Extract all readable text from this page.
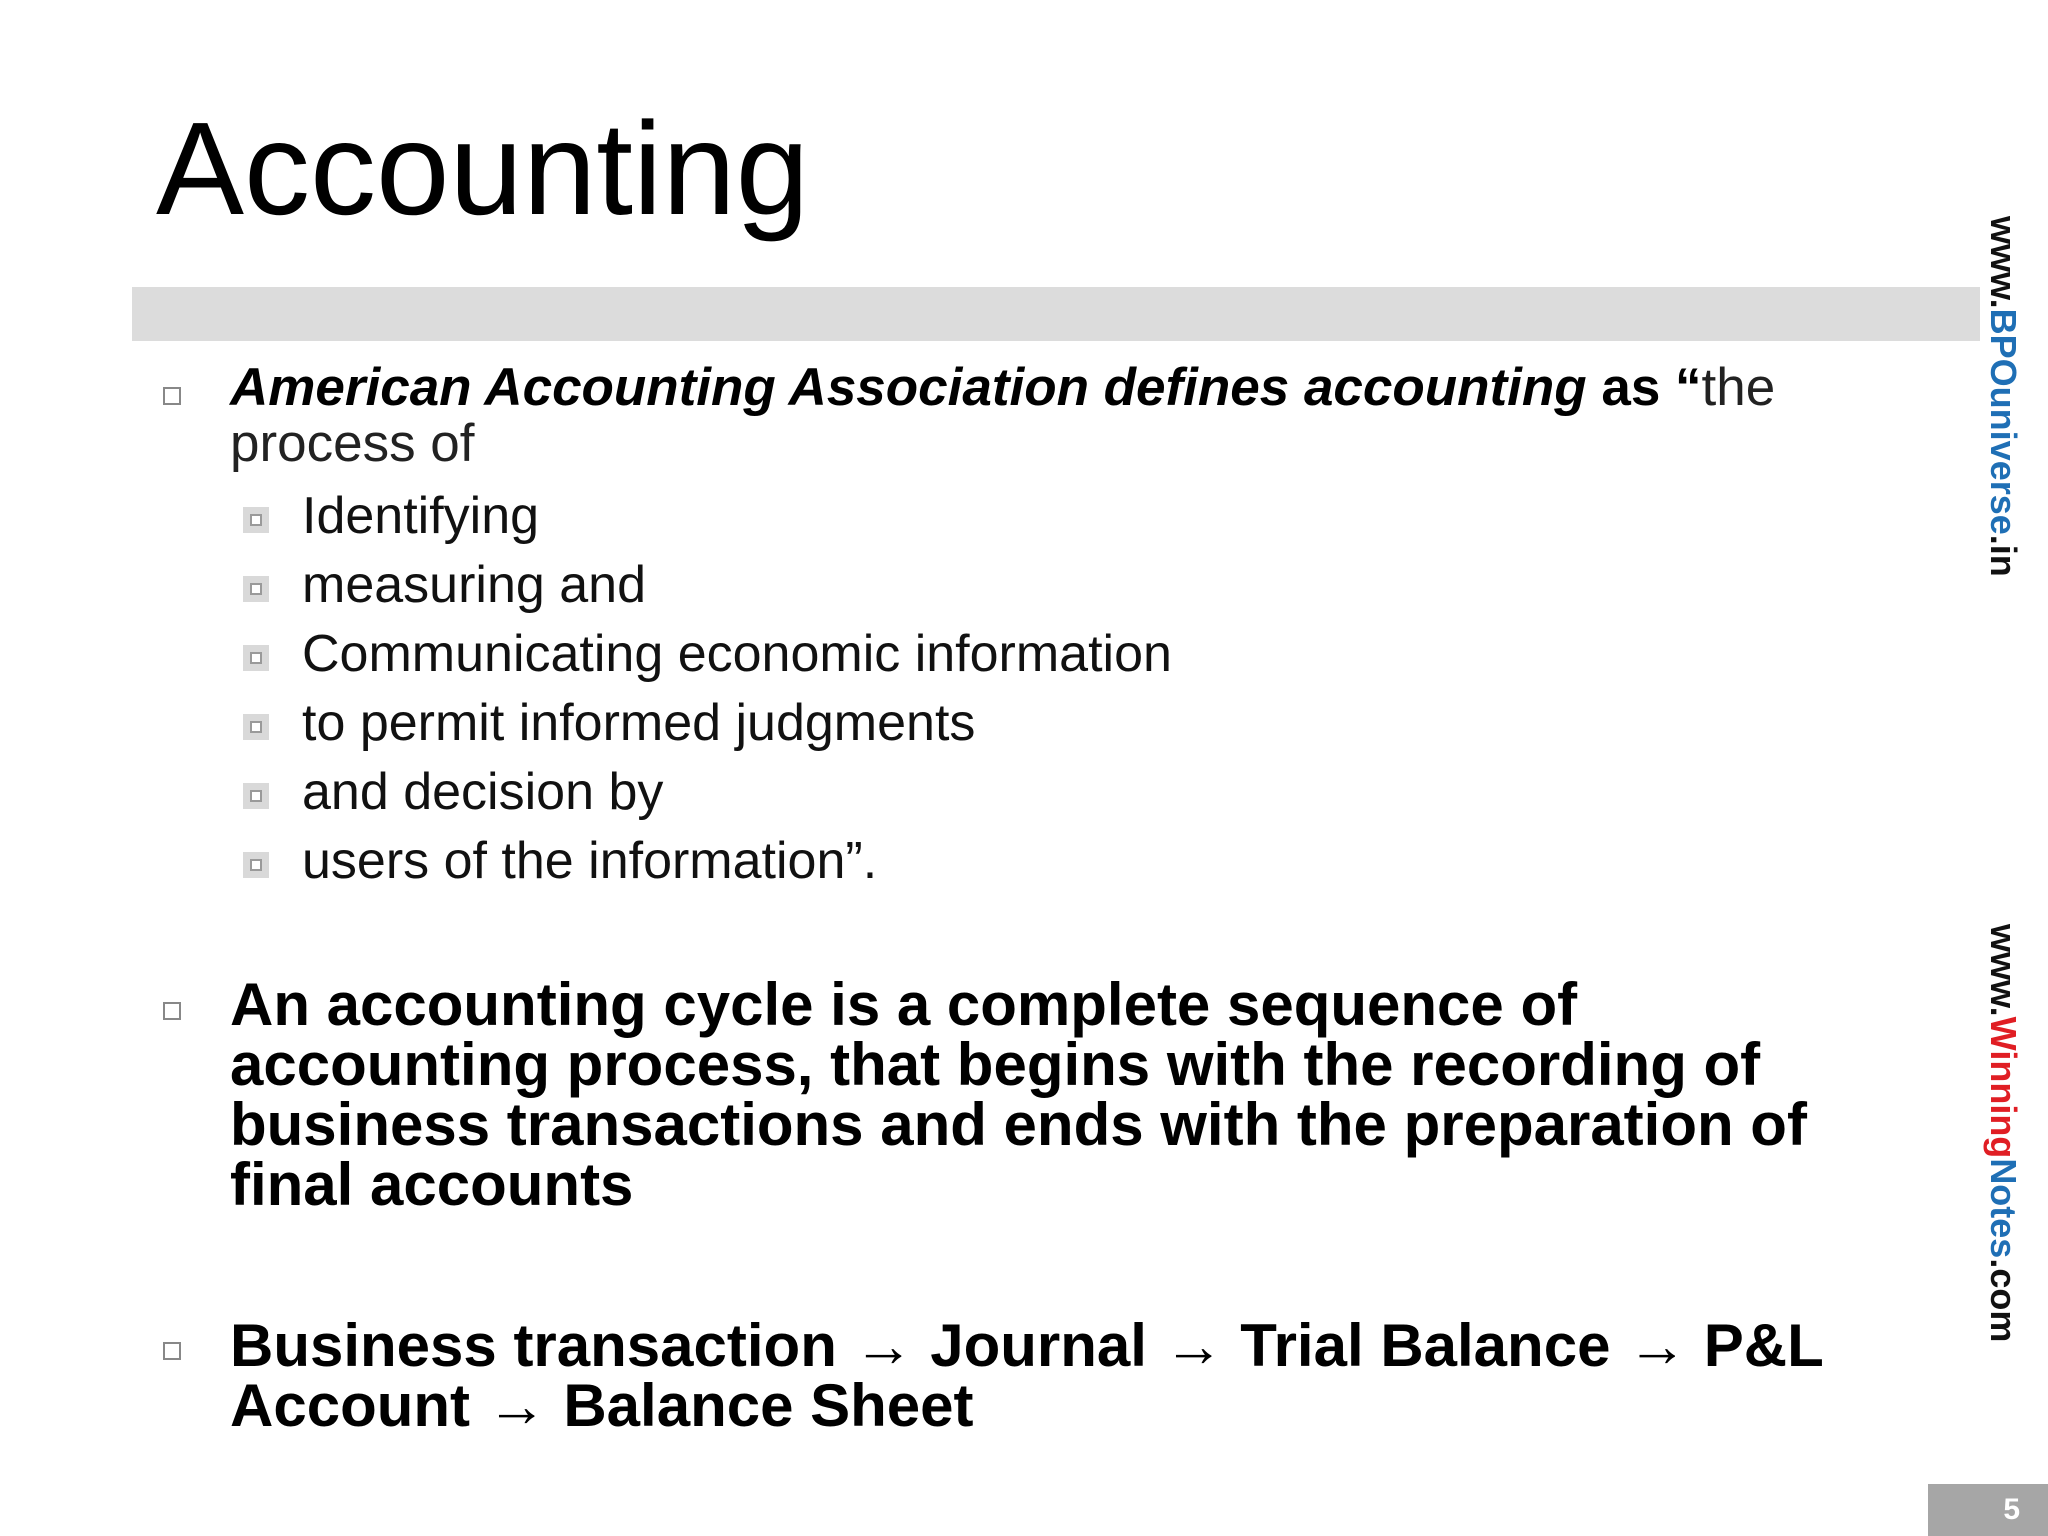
Accounting
American Accounting Association defines accounting as “the
process of
Identifying
measuring and
Communicating economic information
to permit informed judgments
and decision by
users of the information”.
An accounting cycle is a complete sequence of
accounting process, that begins with the recording of
business transactions and ends with the preparation of
final accounts
Business transaction → Journal → Trial Balance → P&L
Account → Balance Sheet
www.BPOuniverse.in
www.WinningNotes.com
5
